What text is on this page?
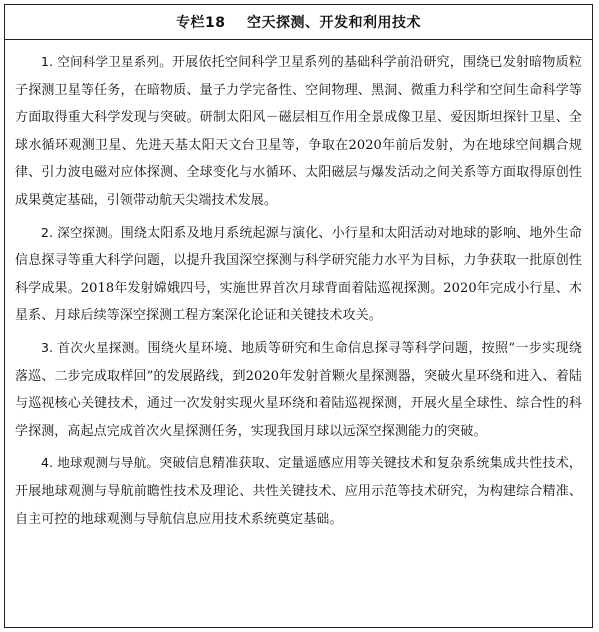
专栏18    空天探测、开发和利用技术

1. 空间科学卫星系列。开展依托空间科学卫星系列的基础科学前沿研究，围绕已发射暗物质粒子探测卫星等任务，在暗物质、量子力学完备性、空间物理、黑洞、微重力科学和空间生命科学等方面取得重大科学发现与突破。研制太阳风－磁层相互作用全景成像卫星、爱因斯坦探针卫星、全球水循环观测卫星、先进天基太阳天文台卫星等，争取在2020年前后发射，为在地球空间耦合规律、引力波电磁对应体探测、全球变化与水循环、太阳磁层与爆发活动之间关系等方面取得原创性成果奠定基础，引领带动航天尖端技术发展。

2. 深空探测。围绕太阳系及地月系统起源与演化、小行星和太阳活动对地球的影响、地外生命信息探寻等重大科学问题，以提升我国深空探测与科学研究能力水平为目标，力争获取一批原创性科学成果。2018年发射嫦娥四号，实施世界首次月球背面着陆巡视探测。2020年完成小行星、木星系、月球后续等深空探测工程方案深化论证和关键技术攻关。

3. 首次火星探测。围绕火星环境、地质等研究和生命信息探寻等科学问题，按照“一步实现绕落巡、二步完成取样回”的发展路线，到2020年发射首颗火星探测器，突破火星环绕和进入、着陆与巡视核心关键技术，通过一次发射实现火星环绕和着陆巡视探测，开展火星全球性、综合性的科学探测，高起点完成首次火星探测任务，实现我国月球以远深空探测能力的突破。

4. 地球观测与导航。突破信息精准获取、定量遥感应用等关键技术和复杂系统集成共性技术，开展地球观测与导航前瞻性技术及理论、共性关键技术、应用示范等技术研究，为构建综合精准、自主可控的地球观测与导航信息应用技术系统奠定基础。
